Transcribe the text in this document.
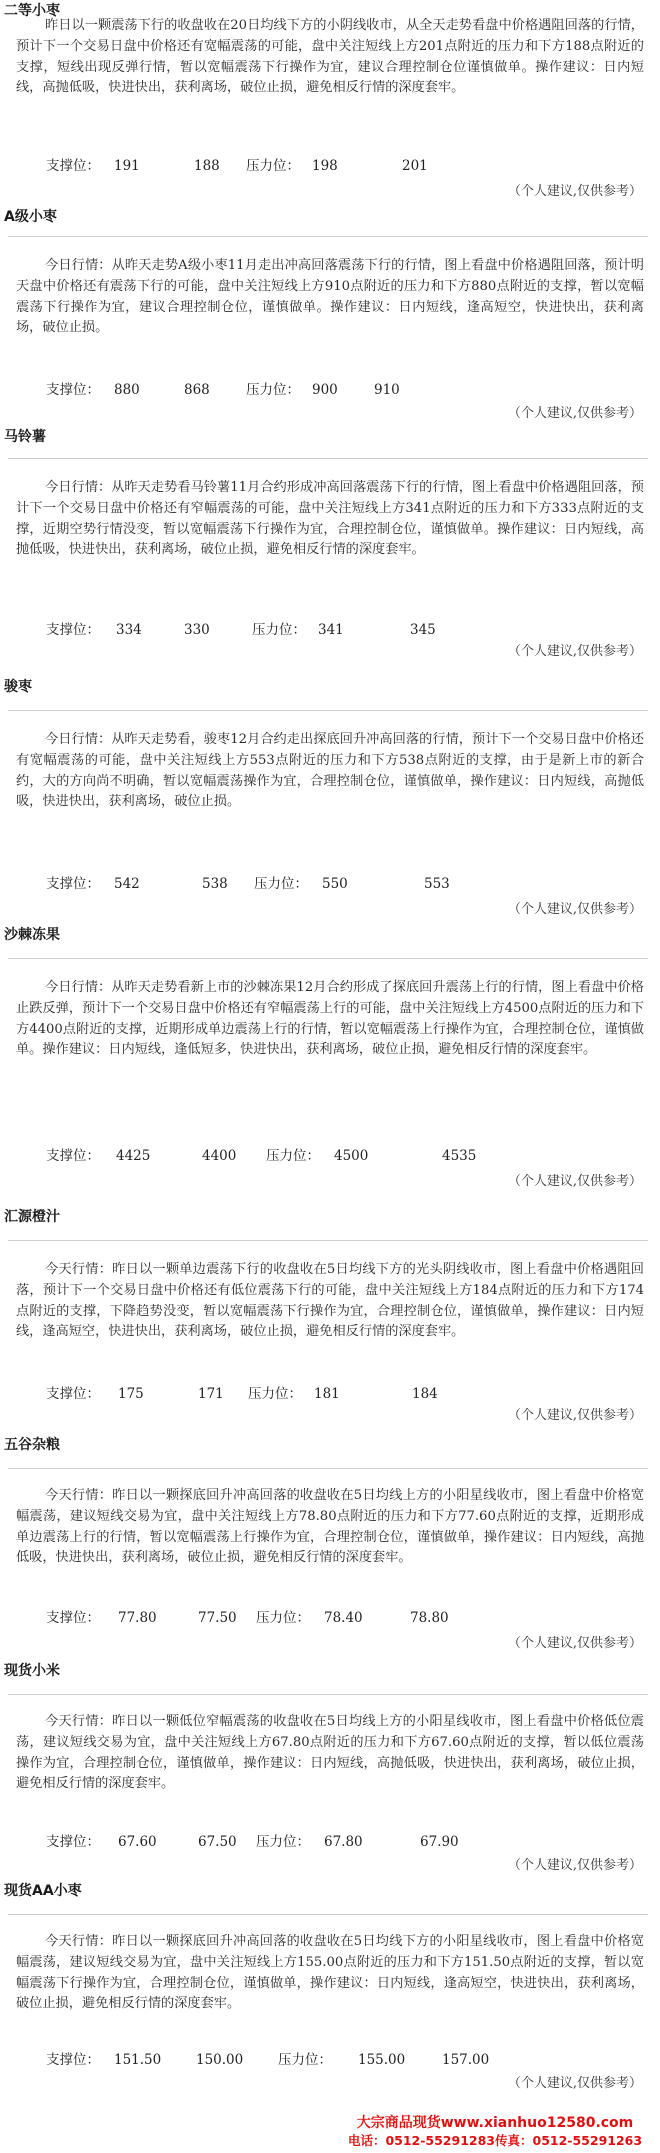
二等小枣

昨日以一颗震荡下行的收盘收在20日均线下方的小阴线收市，从全天走势看盘中价格遇阻回落的行情，预计下一个交易日盘中价格还有宽幅震荡的可能，盘中关注短线上方201点附近的压力和下方188点附近的支撑，短线出现反弹行情，暂以宽幅震荡下行操作为宜，建议合理控制仓位谨慎做单。操作建议：日内短线，高抛低吸，快进快出，获利离场，破位止损，避免相反行情的深度套牢。

支撑位： 191	188 压力位： 198	201
（个人建议,仅供参考）
A级小枣

今日行情：从昨天走势A级小枣11月走出冲高回落震荡下行的行情，图上看盘中价格遇阻回落，预计明天盘中价格还有震荡下行的可能，盘中关注短线上方910点附近的压力和下方880点附近的支撑，暂以宽幅震荡下行操作为宜，建议合理控制仓位，谨慎做单。操作建议：日内短线，逢高短空，快进快出，获利离场，破位止损。

支撑位： 880	868	压力位： 900	910
（个人建议,仅供参考）
马铃薯

今日行情：从昨天走势看马铃薯11月合约形成冲高回落震荡下行的行情，图上看盘中价格遇阻回落，预计下一个交易日盘中价格还有窄幅震荡的可能，盘中关注短线上方341点附近的压力和下方333点附近的支撑，近期空势行情没变，暂以宽幅震荡下行操作为宜，合理控制仓位，谨慎做单。操作建议：日内短线，高抛低吸，快进快出，获利离场，破位止损，避免相反行情的深度套牢。

支撑位： 334	330	压力位： 341	345
（个人建议,仅供参考）
骏枣

今日行情：从昨天走势看，骏枣12月合约走出探底回升冲高回落的行情，预计下一个交易日盘中价格还有宽幅震荡的可能，盘中关注短线上方553点附近的压力和下方538点附近的支撑，由于是新上市的新合约，大的方向尚不明确，暂以宽幅震荡操作为宜，合理控制仓位，谨慎做单，操作建议：日内短线，高抛低吸，快进快出，获利离场，破位止损。

支撑位： 542	538 压力位： 550	553
（个人建议,仅供参考）
沙棘冻果

今日行情：从昨天走势看新上市的沙棘冻果12月合约形成了探底回升震荡上行的行情，图上看盘中价格止跌反弹，预计下一个交易日盘中价格还有窄幅震荡上行的可能，盘中关注短线上方4500点附近的压力和下方4400点附近的支撑，近期形成单边震荡上行的行情，暂以宽幅震荡上行操作为宜，合理控制仓位，谨慎做单。操作建议：日内短线，逢低短多，快进快出，获利离场，破位止损，避免相反行情的深度套牢。

支撑位： 4425	4400 压力位： 4500	4535
（个人建议,仅供参考）
汇源橙汁

今天行情：昨日以一颗单边震荡下行的收盘收在5日均线下方的光头阴线收市，图上看盘中价格遇阻回落，预计下一个交易日盘中价格还有低位震荡下行的可能，盘中关注短线上方184点附近的压力和下方174点附近的支撑，下降趋势没变，暂以宽幅震荡下行操作为宜，合理控制仓位，谨慎做单，操作建议：日内短线，逢高短空，快进快出，获利离场，破位止损，避免相反行情的深度套牢。

支撑位： 175	171 压力位： 181	184
（个人建议,仅供参考）
五谷杂粮

今天行情：昨日以一颗探底回升冲高回落的收盘收在5日均线上方的小阳星线收市，图上看盘中价格宽幅震荡，建议短线交易为宜，盘中关注短线上方78.80点附近的压力和下方77.60点附近的支撑，近期形成单边震荡上行的行情，暂以宽幅震荡上行操作为宜，合理控制仓位，谨慎做单，操作建议：日内短线，高抛低吸，快进快出，获利离场，破位止损，避免相反行情的深度套牢。

支撑位： 77.80	77.50 压力位： 78.40	78.80
（个人建议,仅供参考）
现货小米

今天行情：昨日以一颗低位窄幅震荡的收盘收在5日均线上方的小阳星线收市，图上看盘中价格低位震荡，建议短线交易为宜，盘中关注短线上方67.80点附近的压力和下方67.60点附近的支撑，暂以低位震荡操作为宜，合理控制仓位，谨慎做单，操作建议：日内短线，高抛低吸，快进快出，获利离场，破位止损，避免相反行情的深度套牢。

支撑位： 67.60	67.50 压力位： 67.80	67.90
（个人建议,仅供参考）
现货AA小枣

今天行情：昨日以一颗探底回升冲高回落的收盘收在5日均线下方的小阳星线收市，图上看盘中价格宽幅震荡，建议短线交易为宜，盘中关注短线上方155.00点附近的压力和下方151.50点附近的支撑，暂以宽幅震荡下行操作为宜，合理控制仓位，谨慎做单，操作建议：日内短线，逢高短空，快进快出，获利离场，破位止损，避免相反行情的深度套牢。

支撑位： 151.50	150.00	压力位： 155.00	157.00
（个人建议,仅供参考）
大宗商品现货www.xianhuo12580.com
电话：0512-55291283传真：0512-55291263
